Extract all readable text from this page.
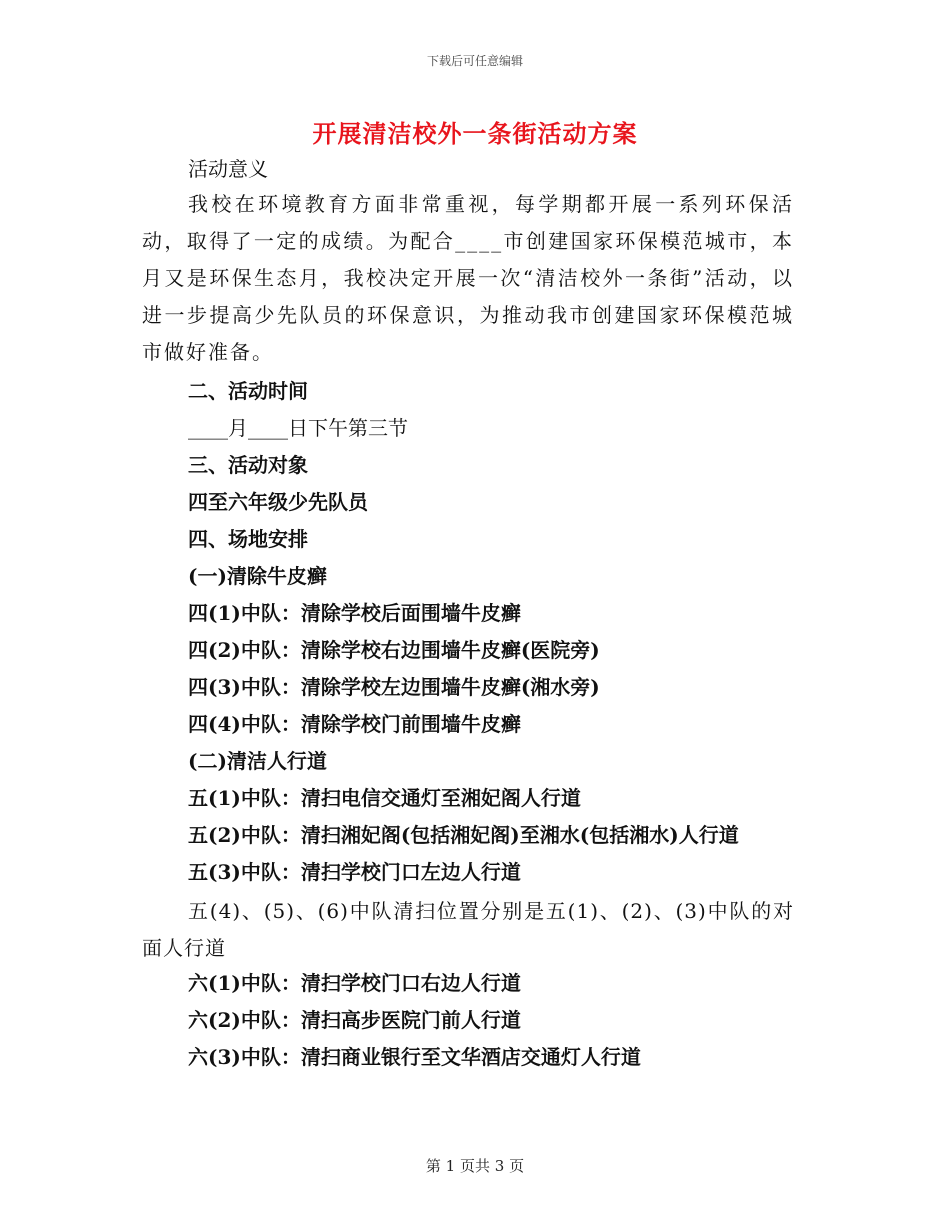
下载后可任意编辑
开展清洁校外一条街活动方案
活动意义
我校在环境教育方面非常重视，每学期都开展一系列环保活动，取得了一定的成绩。为配合____市创建国家环保模范城市，本月又是环保生态月，我校决定开展一次“清洁校外一条街”活动，以进一步提高少先队员的环保意识，为推动我市创建国家环保模范城市做好准备。
二、活动时间
____月____日下午第三节
三、活动对象
四至六年级少先队员
四、场地安排
(一)清除牛皮癣
四(1)中队：清除学校后面围墙牛皮癣
四(2)中队：清除学校右边围墙牛皮癣(医院旁)
四(3)中队：清除学校左边围墙牛皮癣(湘水旁)
四(4)中队：清除学校门前围墙牛皮癣
(二)清洁人行道
五(1)中队：清扫电信交通灯至湘妃阁人行道
五(2)中队：清扫湘妃阁(包括湘妃阁)至湘水(包括湘水)人行道
五(3)中队：清扫学校门口左边人行道
五(4)、(5)、(6)中队清扫位置分别是五(1)、(2)、(3)中队的对面人行道
六(1)中队：清扫学校门口右边人行道
六(2)中队：清扫高步医院门前人行道
六(3)中队：清扫商业银行至文华酒店交通灯人行道
第 1 页共 3 页
